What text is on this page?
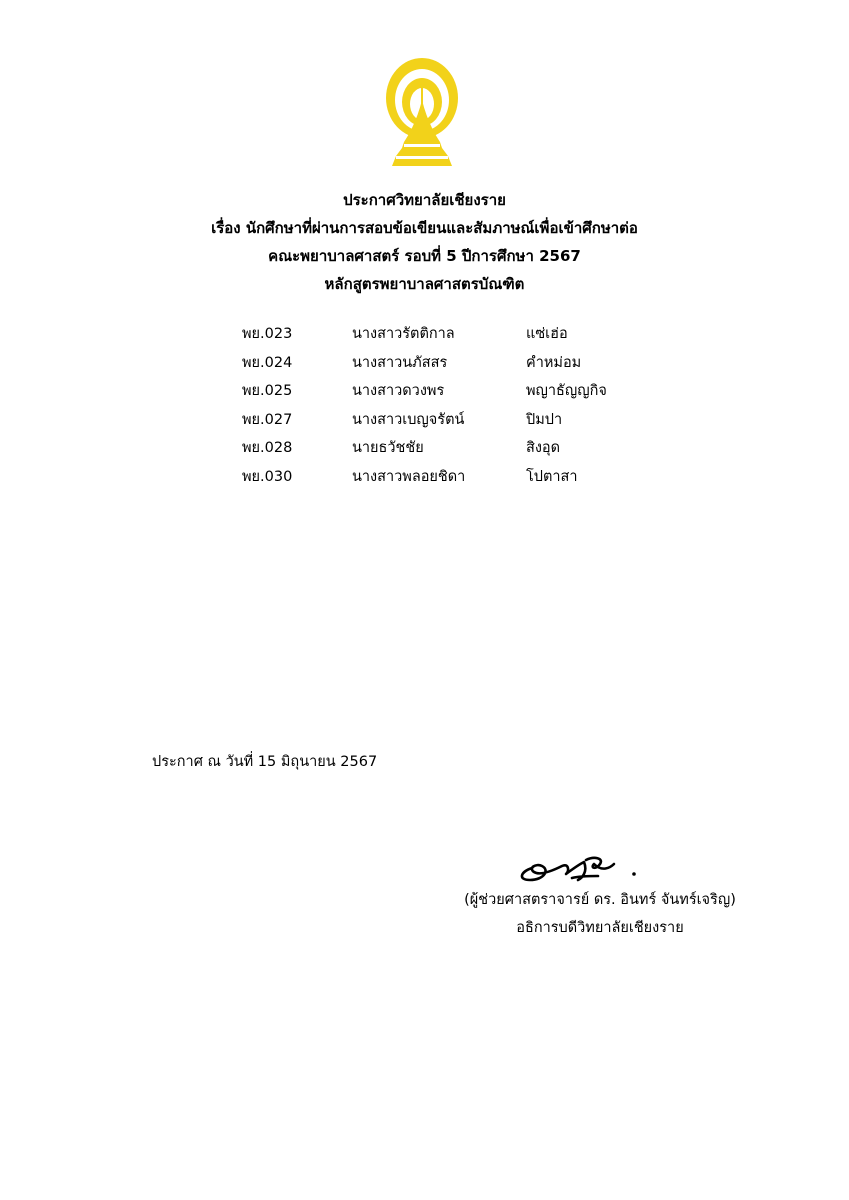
ประกาศวิทยาลัยเชียงราย
เรื่อง นักศึกษาที่ผ่านการสอบข้อเขียนและสัมภาษณ์เพื่อเข้าศึกษาต่อ
คณะพยาบาลศาสตร์ รอบที่ 5 ปีการศึกษา 2567
หลักสูตรพยาบาลศาสตรบัณฑิต
พย.023	นางสาวรัตติกาล	แซ่เฮ่อ
พย.024	นางสาวนภัสสร	คำหม่อม
พย.025	นางสาวดวงพร	พญาธัญญกิจ
พย.027	นางสาวเบญจรัตน์	ปิมปา
พย.028	นายธวัชชัย	สิงอุด
พย.030	นางสาวพลอยชิดา	โปตาสา
ประกาศ ณ วันที่ 15 มิถุนายน 2567
(ผู้ช่วยศาสตราจารย์ ดร. อินทร์ จันทร์เจริญ)
อธิการบดีวิทยาลัยเชียงราย
